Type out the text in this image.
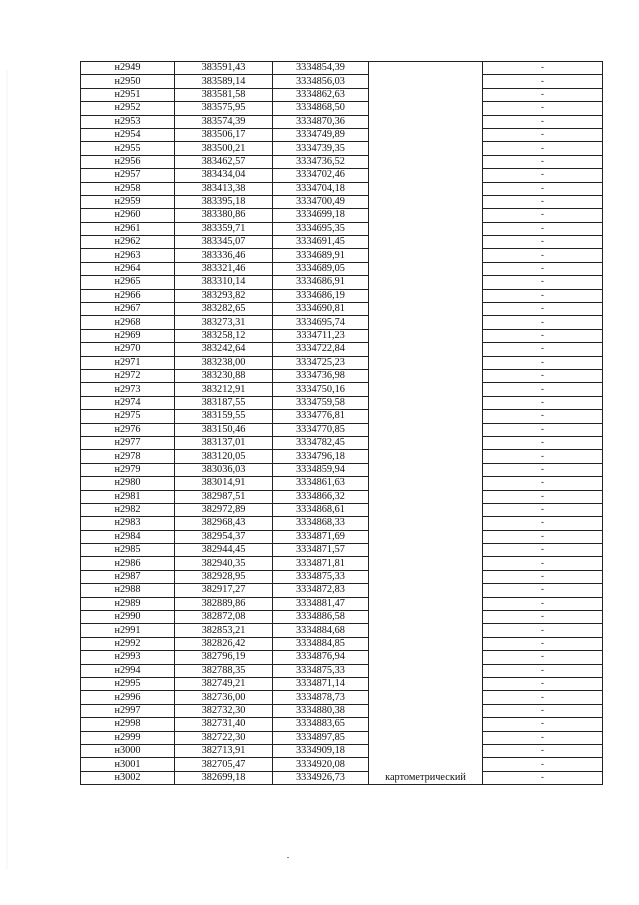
н2949	383591,43	3334854,39		-
н2950	383589,14	3334856,03		-
н2951	383581,58	3334862,63		-
н2952	383575,95	3334868,50		-
н2953	383574,39	3334870,36		-
н2954	383506,17	3334749,89		-
н2955	383500,21	3334739,35		-
н2956	383462,57	3334736,52		-
н2957	383434,04	3334702,46		-
н2958	383413,38	3334704,18		-
н2959	383395,18	3334700,49		-
н2960	383380,86	3334699,18		-
н2961	383359,71	3334695,35		-
н2962	383345,07	3334691,45		-
н2963	383336,46	3334689,91		-
н2964	383321,46	3334689,05		-
н2965	383310,14	3334686,91		-
н2966	383293,82	3334686,19		-
н2967	383282,65	3334690,81		-
н2968	383273,31	3334695,74		-
н2969	383258,12	3334711,23		-
н2970	383242,64	3334722,84		-
н2971	383238,00	3334725,23		-
н2972	383230,88	3334736,98		-
н2973	383212,91	3334750,16		-
н2974	383187,55	3334759,58		-
н2975	383159,55	3334776,81		-
н2976	383150,46	3334770,85		-
н2977	383137,01	3334782,45		-
н2978	383120,05	3334796,18		-
н2979	383036,03	3334859,94		-
н2980	383014,91	3334861,63		-
н2981	382987,51	3334866,32		-
н2982	382972,89	3334868,61		-
н2983	382968,43	3334868,33		-
н2984	382954,37	3334871,69		-
н2985	382944,45	3334871,57		-
н2986	382940,35	3334871,81		-
н2987	382928,95	3334875,33		-
н2988	382917,27	3334872,83		-
н2989	382889,86	3334881,47		-
н2990	382872,08	3334886,58		-
н2991	382853,21	3334884,68		-
н2992	382826,42	3334884,85		-
н2993	382796,19	3334876,94		-
н2994	382788,35	3334875,33		-
н2995	382749,21	3334871,14		-
н2996	382736,00	3334878,73		-
н2997	382732,30	3334880,38		-
н2998	382731,40	3334883,65		-
н2999	382722,30	3334897,85		-
н3000	382713,91	3334909,18		-
н3001	382705,47	3334920,08		-
н3002	382699,18	3334926,73	картометрический	-
